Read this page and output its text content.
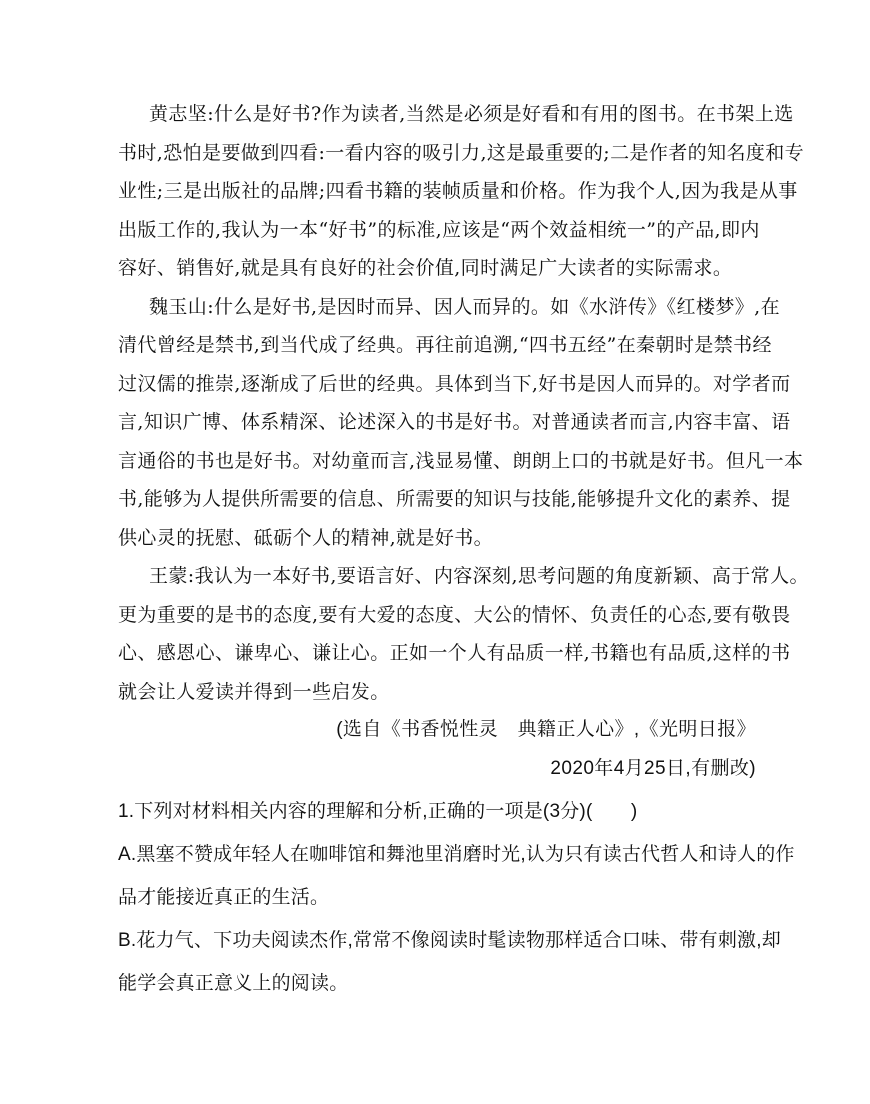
黄志坚:什么是好书?作为读者,当然是必须是好看和有用的图书。在书架上选
书时,恐怕是要做到四看:一看内容的吸引力,这是最重要的;二是作者的知名度和专
业性;三是出版社的品牌;四看书籍的装帧质量和价格。作为我个人,因为我是从事
出版工作的,我认为一本“好书”的标准,应该是“两个效益相统一”的产品,即内
容好、销售好,就是具有良好的社会价值,同时满足广大读者的实际需求。
魏玉山:什么是好书,是因时而异、因人而异的。如《水浒传》《红楼梦》,在
清代曾经是禁书,到当代成了经典。再往前追溯,“四书五经”在秦朝时是禁书经
过汉儒的推崇,逐渐成了后世的经典。具体到当下,好书是因人而异的。对学者而
言,知识广博、体系精深、论述深入的书是好书。对普通读者而言,内容丰富、语
言通俗的书也是好书。对幼童而言,浅显易懂、朗朗上口的书就是好书。但凡一本
书,能够为人提供所需要的信息、所需要的知识与技能,能够提升文化的素养、提
供心灵的抚慰、砥砺个人的精神,就是好书。
王蒙:我认为一本好书,要语言好、内容深刻,思考问题的角度新颖、高于常人。
更为重要的是书的态度,要有大爱的态度、大公的情怀、负责任的心态,要有敬畏
心、感恩心、谦卑心、谦让心。正如一个人有品质一样,书籍也有品质,这样的书
就会让人爱读并得到一些启发。
(选自《书香悦性灵　典籍正人心》,《光明日报》
2020年4月25日,有删改)
1.下列对材料相关内容的理解和分析,正确的一项是(3分)(　　)
A.黑塞不赞成年轻人在咖啡馆和舞池里消磨时光,认为只有读古代哲人和诗人的作
品才能接近真正的生活。
B.花力气、下功夫阅读杰作,常常不像阅读时髦读物那样适合口味、带有刺激,却
能学会真正意义上的阅读。
